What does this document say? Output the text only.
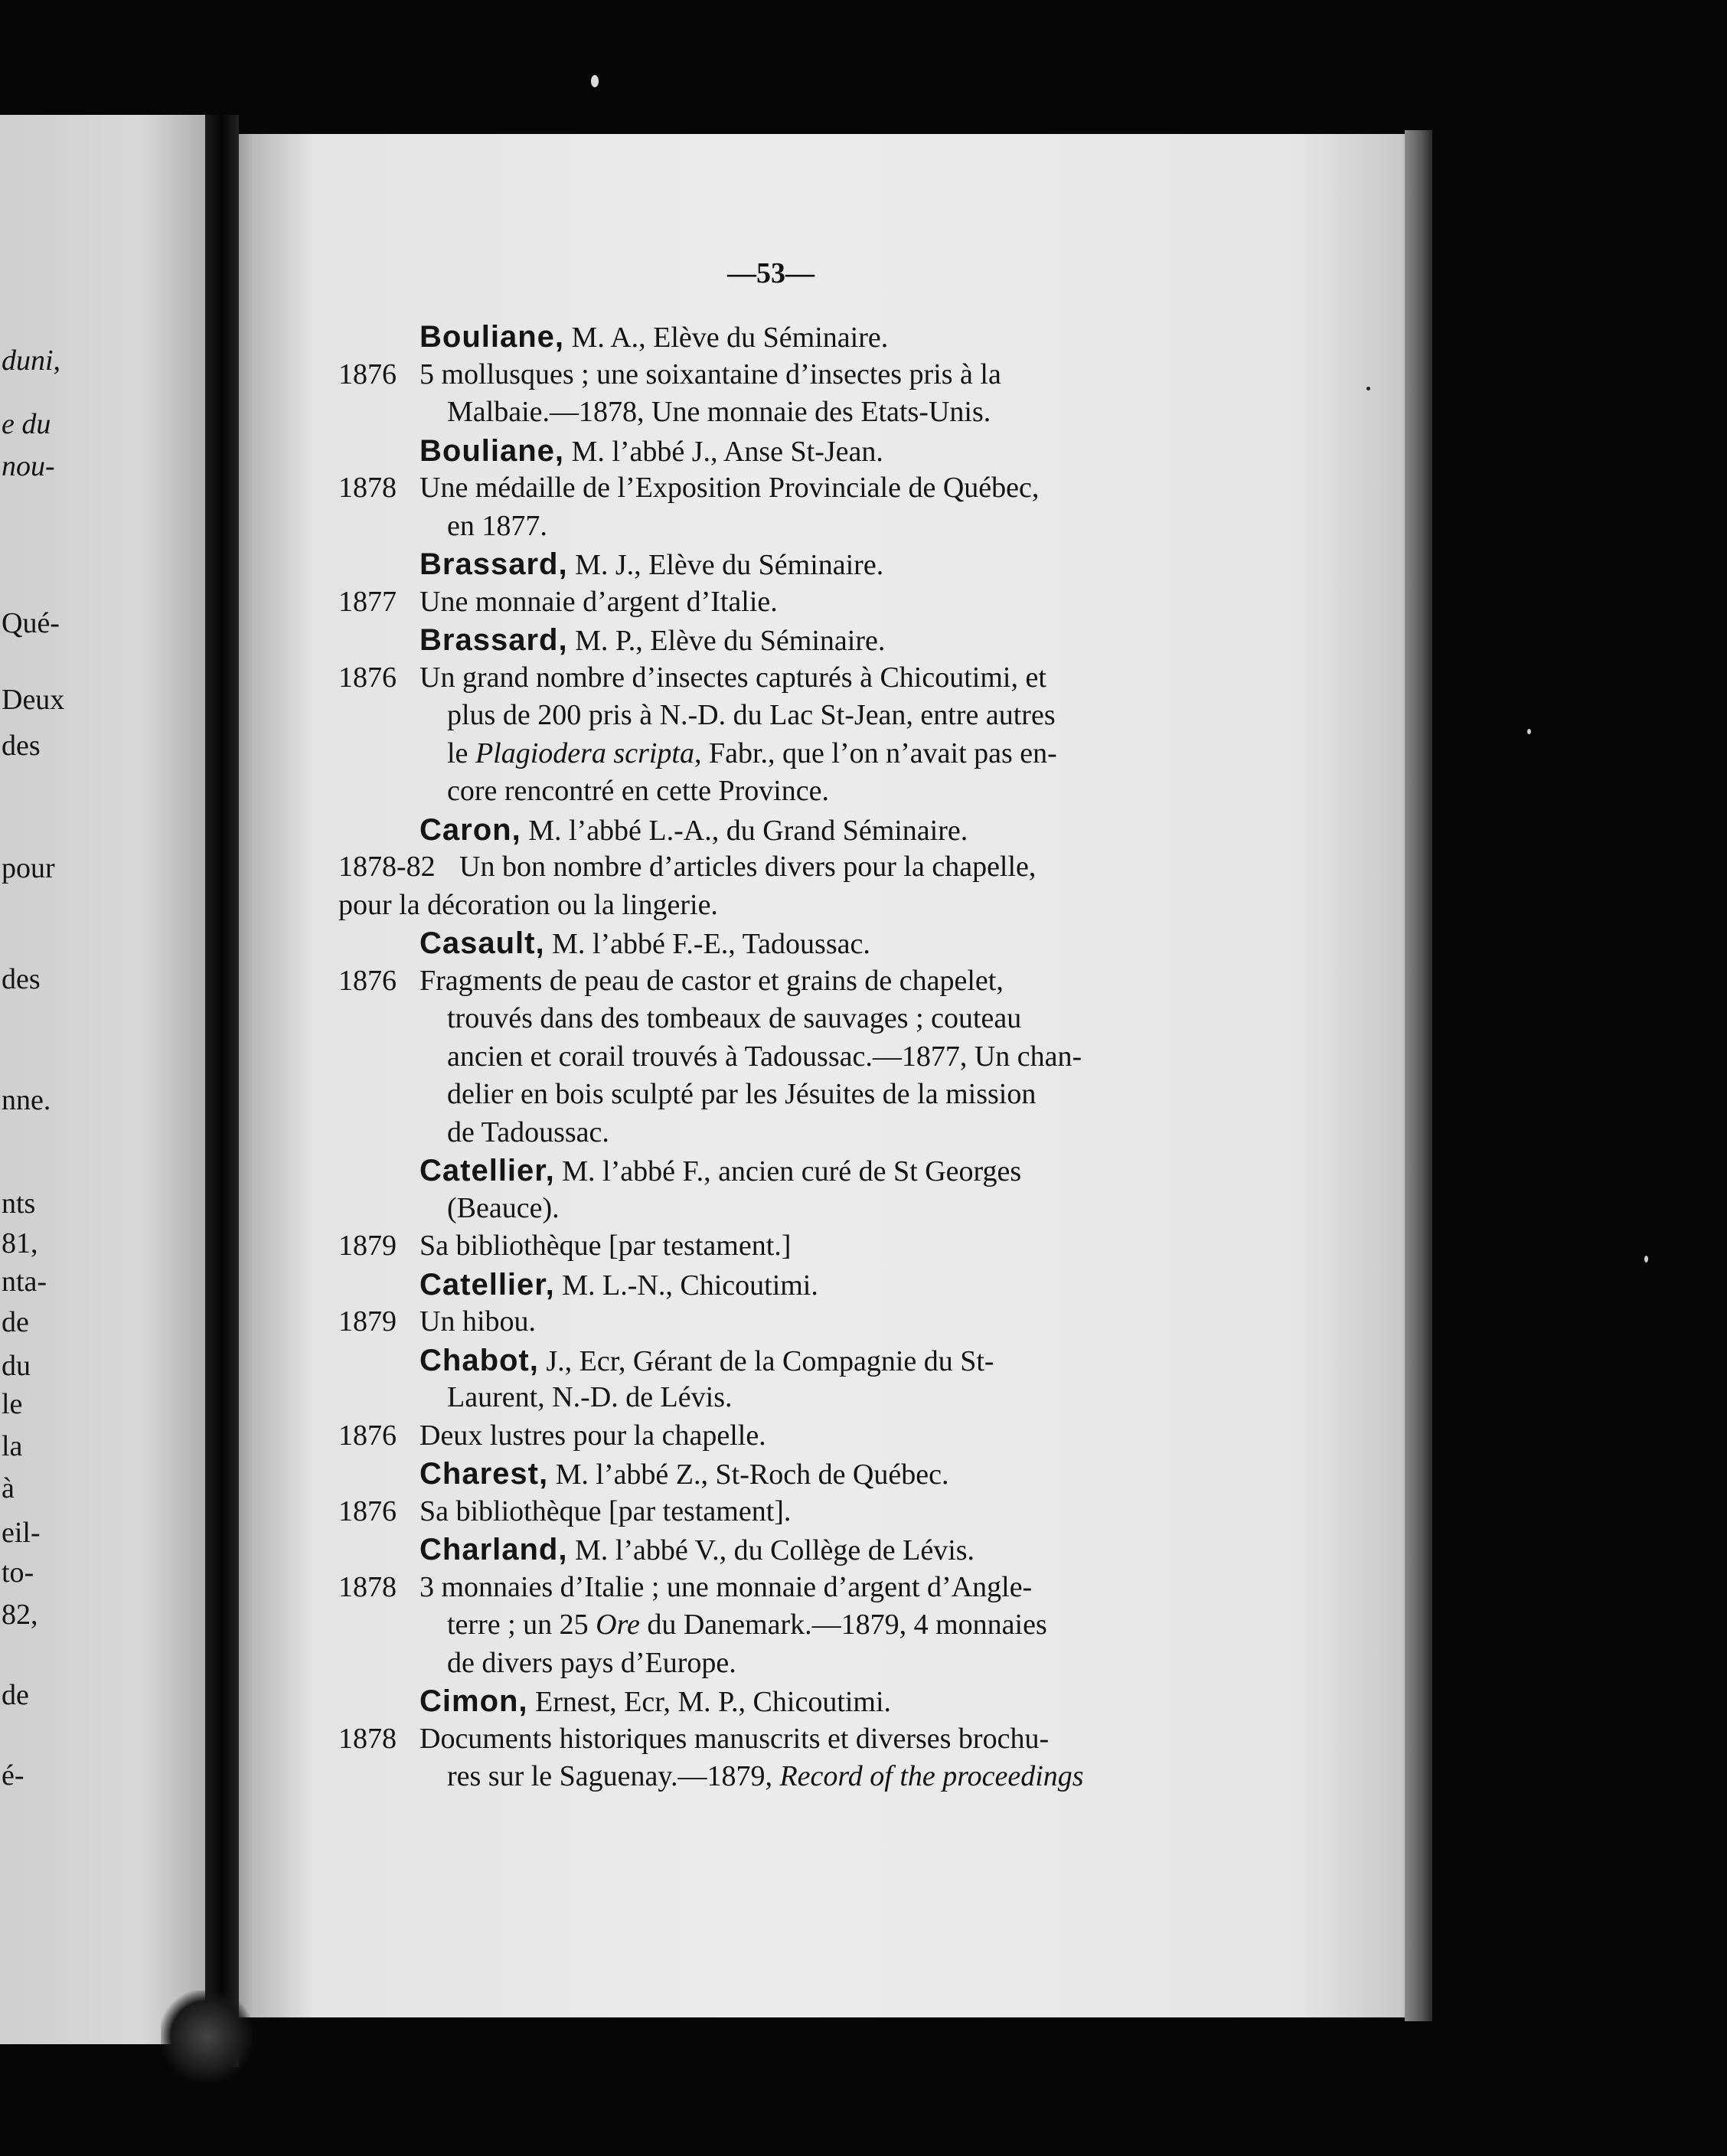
—53—
duni,
e du
nou-
Qué-
Deux
des
pour
des
nne.
nts
81,
nta-
de
du
le
la
à
eil-
to-
82,
de
é-
Bouliane, M. A., Elève du Séminaire.
1876 5 mollusques ; une soixantaine d’insectes pris à la
Malbaie.—1878, Une monnaie des Etats-Unis.
Bouliane, M. l’abbé J., Anse St-Jean.
1878 Une médaille de l’Exposition Provinciale de Québec,
en 1877.
Brassard, M. J., Elève du Séminaire.
1877 Une monnaie d’argent d’Italie.
Brassard, M. P., Elève du Séminaire.
1876 Un grand nombre d’insectes capturés à Chicoutimi, et
plus de 200 pris à N.-D. du Lac St-Jean, entre autres
le Plagiodera scripta, Fabr., que l’on n’avait pas en-
core rencontré en cette Province.
Caron, M. l’abbé L.-A., du Grand Séminaire.
1878-82 Un bon nombre d’articles divers pour la chapelle,
pour la décoration ou la lingerie.
Casault, M. l’abbé F.-E., Tadoussac.
1876 Fragments de peau de castor et grains de chapelet,
trouvés dans des tombeaux de sauvages ; couteau
ancien et corail trouvés à Tadoussac.—1877, Un chan-
delier en bois sculpté par les Jésuites de la mission
de Tadoussac.
Catellier, M. l’abbé F., ancien curé de St Georges
(Beauce).
1879 Sa bibliothèque [par testament.]
Catellier, M. L.-N., Chicoutimi.
1879 Un hibou.
Chabot, J., Ecr, Gérant de la Compagnie du St-
Laurent, N.-D. de Lévis.
1876 Deux lustres pour la chapelle.
Charest, M. l’abbé Z., St-Roch de Québec.
1876 Sa bibliothèque [par testament].
Charland, M. l’abbé V., du Collège de Lévis.
1878 3 monnaies d’Italie ; une monnaie d’argent d’Angle-
terre ; un 25 Ore du Danemark.—1879, 4 monnaies
de divers pays d’Europe.
Cimon, Ernest, Ecr, M. P., Chicoutimi.
1878 Documents historiques manuscrits et diverses brochu-
res sur le Saguenay.—1879, Record of the proceedings
